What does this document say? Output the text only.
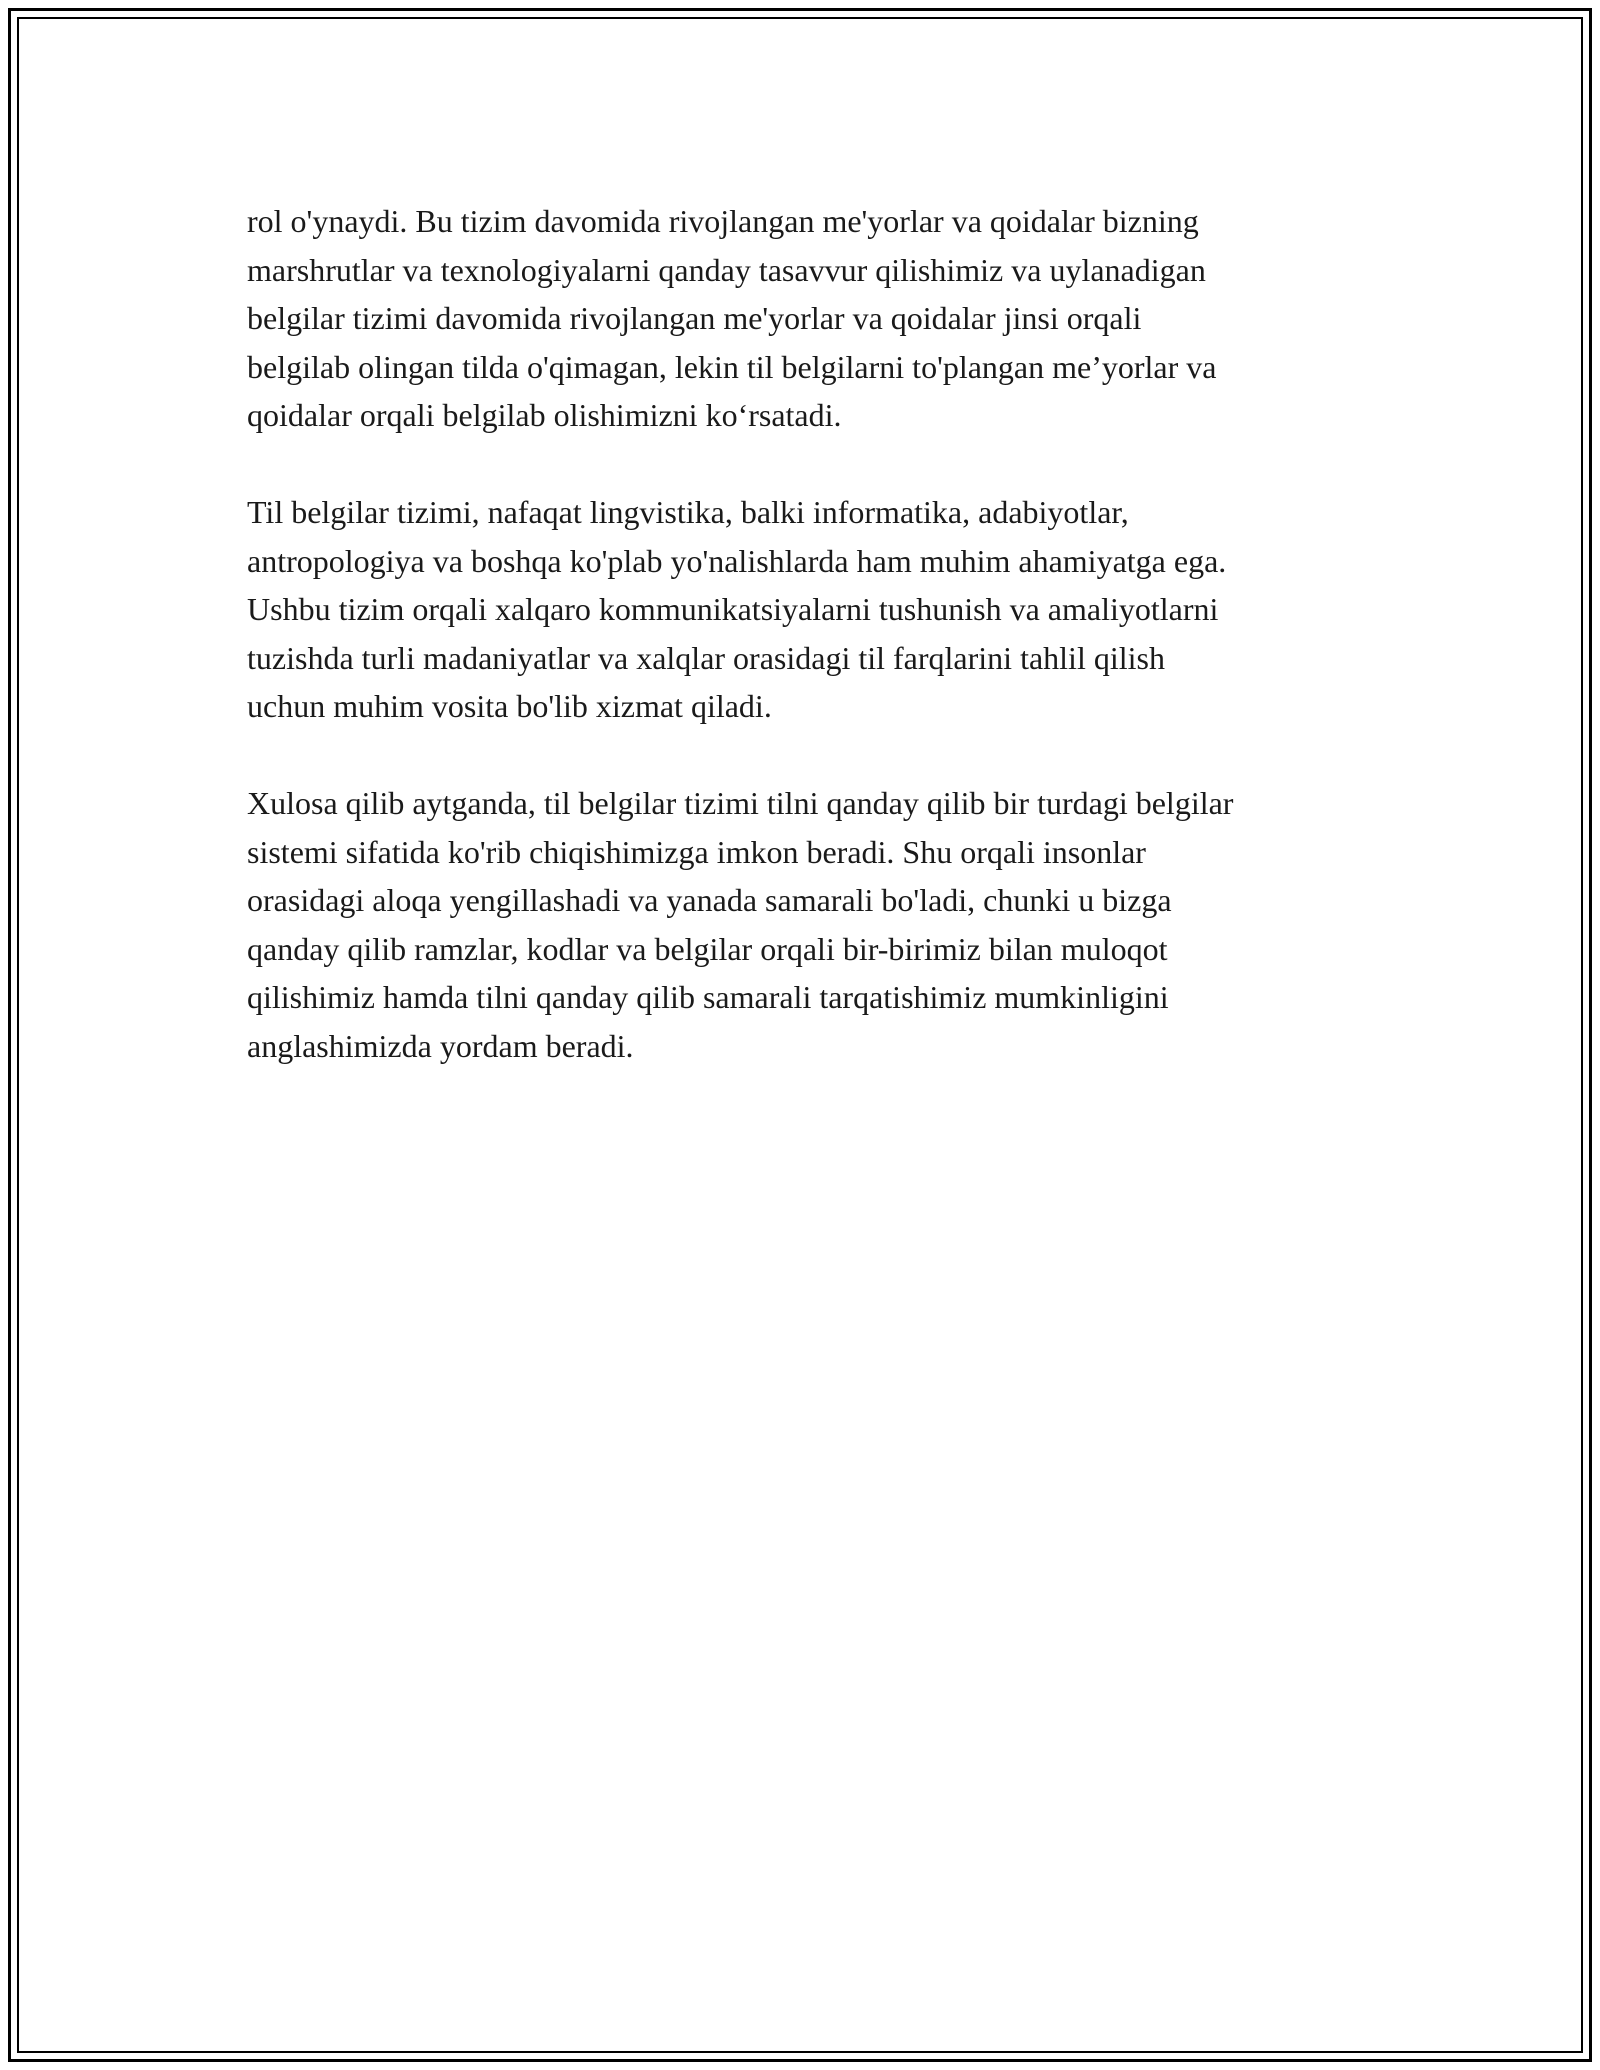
rol o'ynaydi. Bu tizim davomida rivojlangan me'yorlar va qoidalar bizning
marshrutlar va texnologiyalarni qanday tasavvur qilishimiz va uylanadigan
belgilar tizimi davomida rivojlangan me'yorlar va qoidalar jinsi orqali
belgilab olingan tilda o'qimagan, lekin til belgilarni to'plangan me’yorlar va
qoidalar orqali belgilab olishimizni ko‘rsatadi.

Til belgilar tizimi, nafaqat lingvistika, balki informatika, adabiyotlar,
antropologiya va boshqa ko'plab yo'nalishlarda ham muhim ahamiyatga ega.
Ushbu tizim orqali xalqaro kommunikatsiyalarni tushunish va amaliyotlarni
tuzishda turli madaniyatlar va xalqlar orasidagi til farqlarini tahlil qilish
uchun muhim vosita bo'lib xizmat qiladi.

Xulosa qilib aytganda, til belgilar tizimi tilni qanday qilib bir turdagi belgilar
sistemi sifatida ko'rib chiqishimizga imkon beradi. Shu orqali insonlar
orasidagi aloqa yengillashadi va yanada samarali bo'ladi, chunki u bizga
qanday qilib ramzlar, kodlar va belgilar orqali bir-birimiz bilan muloqot
qilishimiz hamda tilni qanday qilib samarali tarqatishimiz mumkinligini
anglashimizda yordam beradi.
